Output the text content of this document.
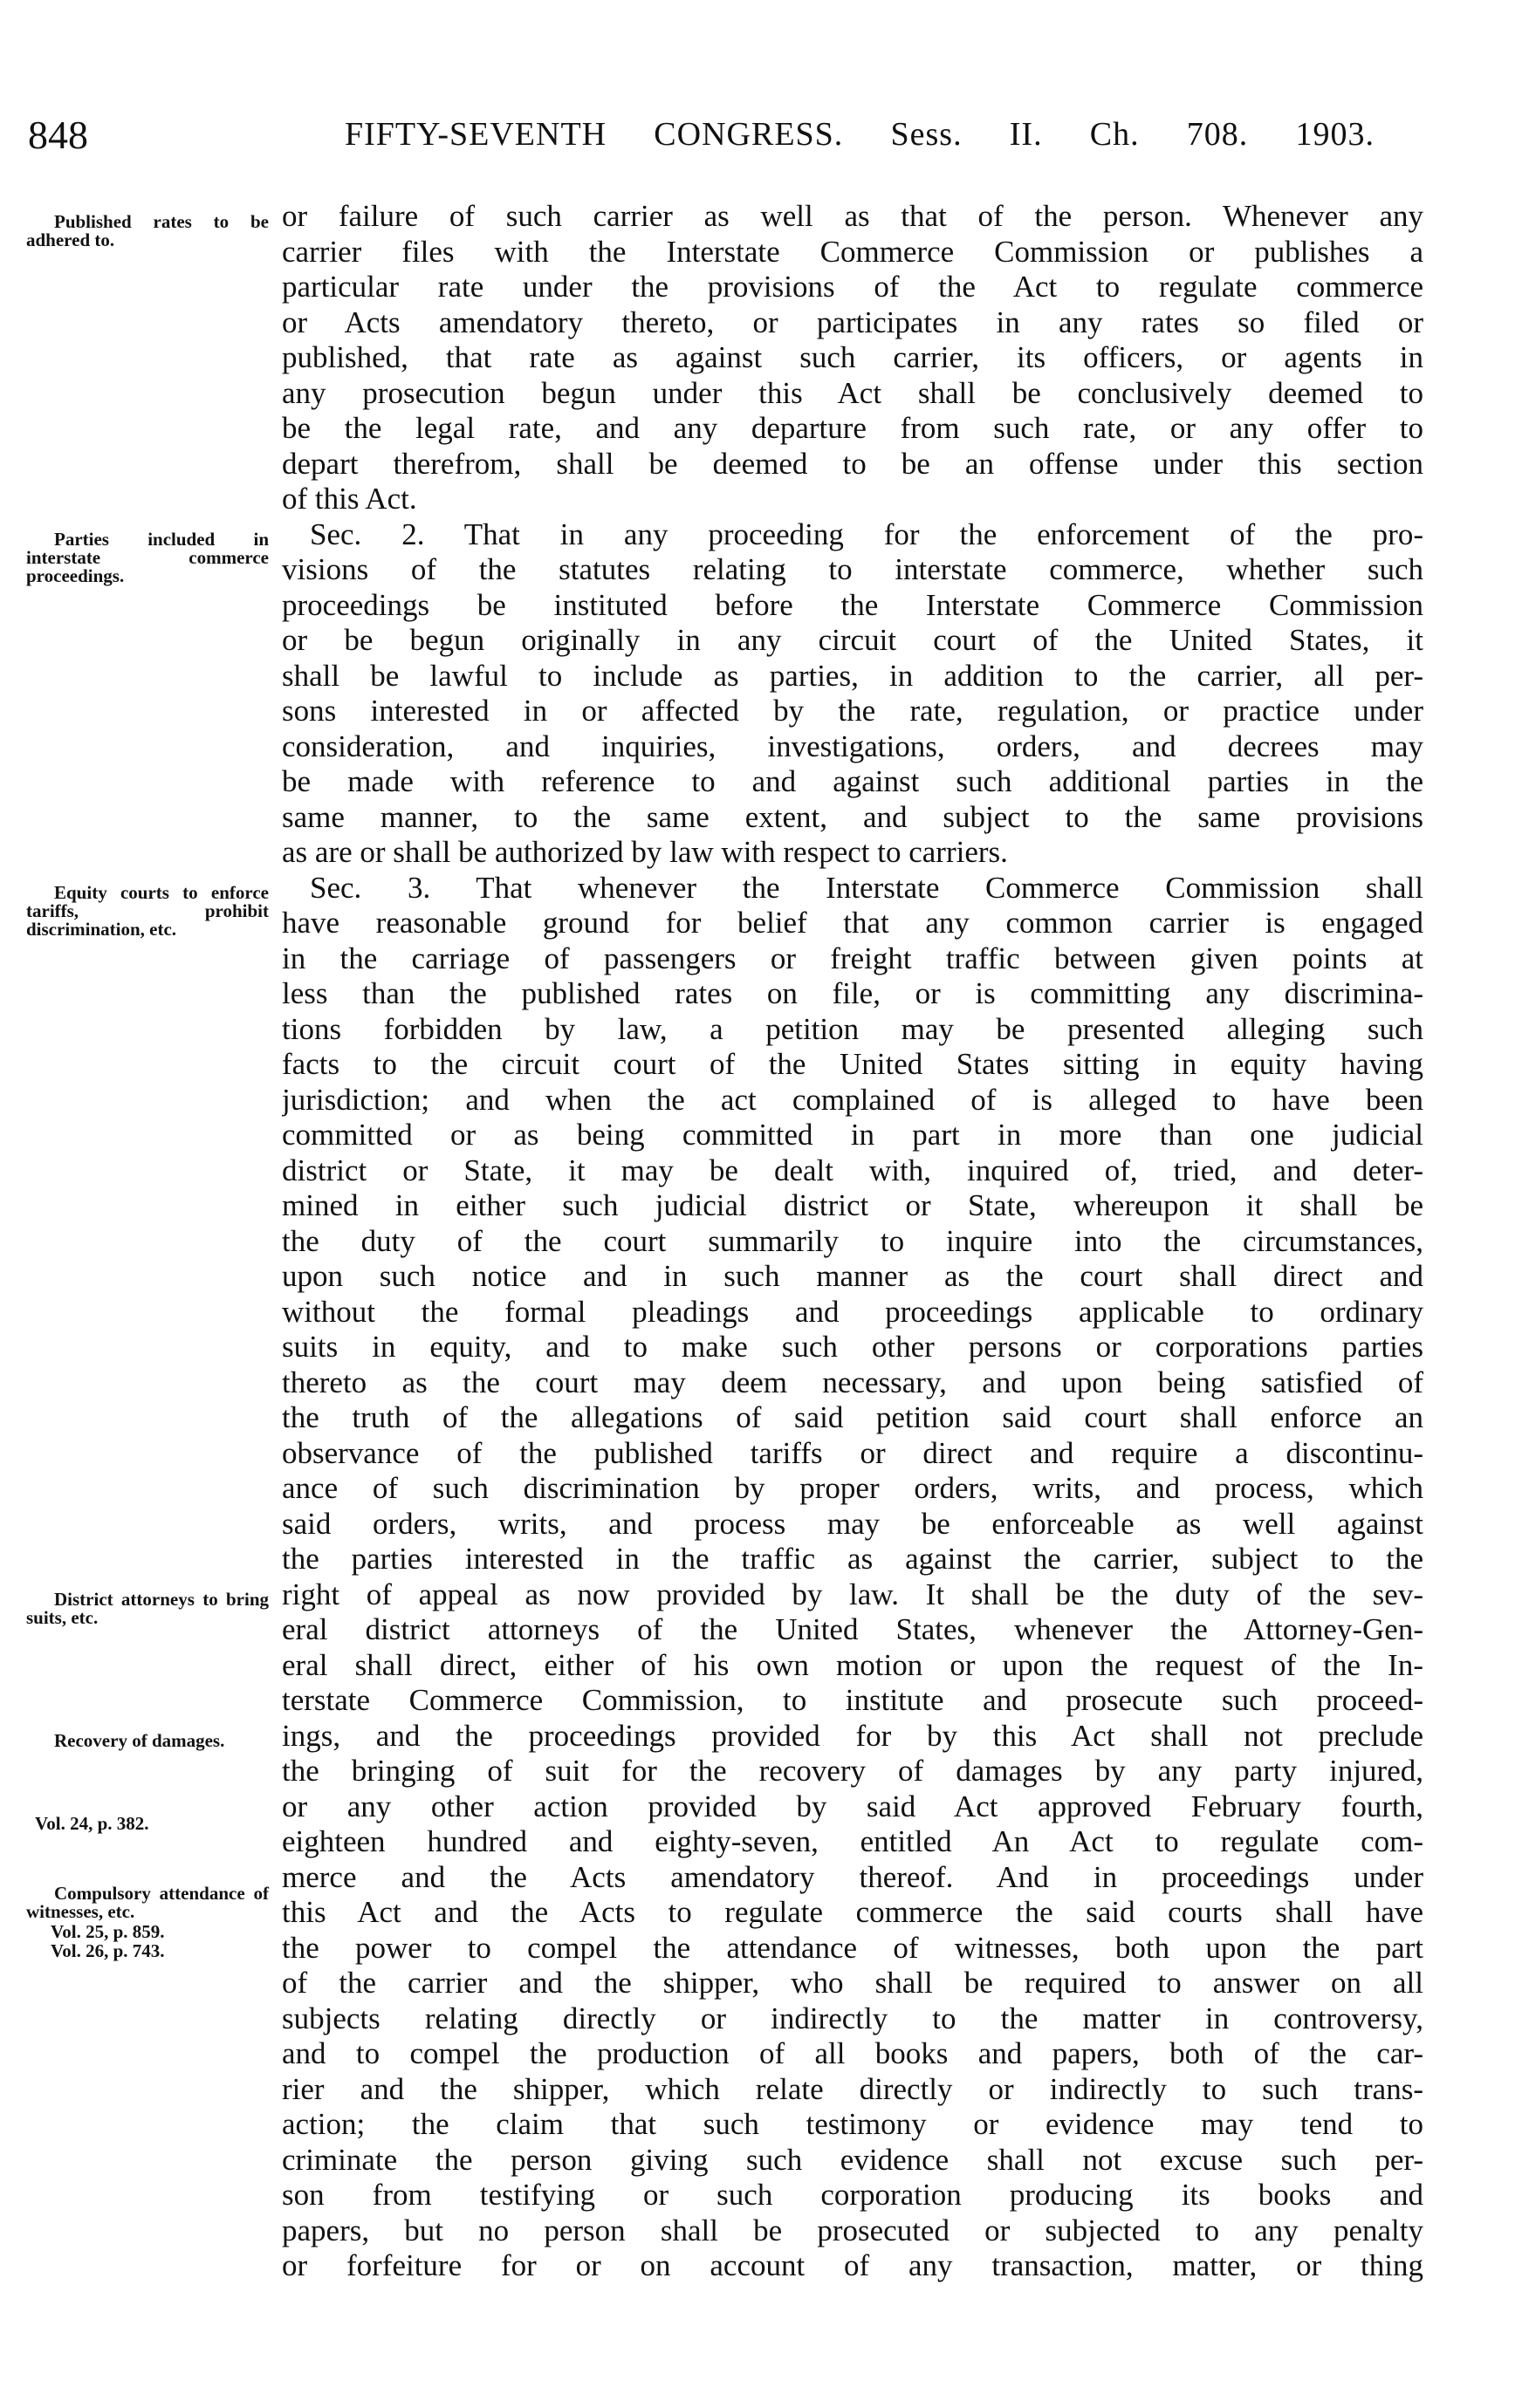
848	FIFTY-SEVENTH CONGRESS. Sess. II. Ch. 708. 1903.
Published rates to be adhered to.
Parties included in interstate commerce proceedings.
Equity courts to enforce tariffs, prohibit discrimination, etc.
District attorneys to bring suits, etc.
Recovery of damages.
Vol. 24, p. 382.
Compulsory attendance of witnesses, etc.
Vol. 25, p. 859.
Vol. 26, p. 743.
or failure of such carrier as well as that of the person. Whenever any
carrier files with the Interstate Commerce Commission or publishes a
particular rate under the provisions of the Act to regulate commerce
or Acts amendatory thereto, or participates in any rates so filed or
published, that rate as against such carrier, its officers, or agents in
any prosecution begun under this Act shall be conclusively deemed to
be the legal rate, and any departure from such rate, or any offer to
depart therefrom, shall be deemed to be an offense under this section
of this Act.
Sec. 2. That in any proceeding for the enforcement of the pro-
visions of the statutes relating to interstate commerce, whether such
proceedings be instituted before the Interstate Commerce Commission
or be begun originally in any circuit court of the United States, it
shall be lawful to include as parties, in addition to the carrier, all per-
sons interested in or affected by the rate, regulation, or practice under
consideration, and inquiries, investigations, orders, and decrees may
be made with reference to and against such additional parties in the
same manner, to the same extent, and subject to the same provisions
as are or shall be authorized by law with respect to carriers.
Sec. 3. That whenever the Interstate Commerce Commission shall
have reasonable ground for belief that any common carrier is engaged
in the carriage of passengers or freight traffic between given points at
less than the published rates on file, or is committing any discrimina-
tions forbidden by law, a petition may be presented alleging such
facts to the circuit court of the United States sitting in equity having
jurisdiction; and when the act complained of is alleged to have been
committed or as being committed in part in more than one judicial
district or State, it may be dealt with, inquired of, tried, and deter-
mined in either such judicial district or State, whereupon it shall be
the duty of the court summarily to inquire into the circumstances,
upon such notice and in such manner as the court shall direct and
without the formal pleadings and proceedings applicable to ordinary
suits in equity, and to make such other persons or corporations parties
thereto as the court may deem necessary, and upon being satisfied of
the truth of the allegations of said petition said court shall enforce an
observance of the published tariffs or direct and require a discontinu-
ance of such discrimination by proper orders, writs, and process, which
said orders, writs, and process may be enforceable as well against
the parties interested in the traffic as against the carrier, subject to the
right of appeal as now provided by law. It shall be the duty of the sev-
eral district attorneys of the United States, whenever the Attorney-Gen-
eral shall direct, either of his own motion or upon the request of the In-
terstate Commerce Commission, to institute and prosecute such proceed-
ings, and the proceedings provided for by this Act shall not preclude
the bringing of suit for the recovery of damages by any party injured,
or any other action provided by said Act approved February fourth,
eighteen hundred and eighty-seven, entitled An Act to regulate com-
merce and the Acts amendatory thereof. And in proceedings under
this Act and the Acts to regulate commerce the said courts shall have
the power to compel the attendance of witnesses, both upon the part
of the carrier and the shipper, who shall be required to answer on all
subjects relating directly or indirectly to the matter in controversy,
and to compel the production of all books and papers, both of the car-
rier and the shipper, which relate directly or indirectly to such trans-
action; the claim that such testimony or evidence may tend to
criminate the person giving such evidence shall not excuse such per-
son from testifying or such corporation producing its books and
papers, but no person shall be prosecuted or subjected to any penalty
or forfeiture for or on account of any transaction, matter, or thing
